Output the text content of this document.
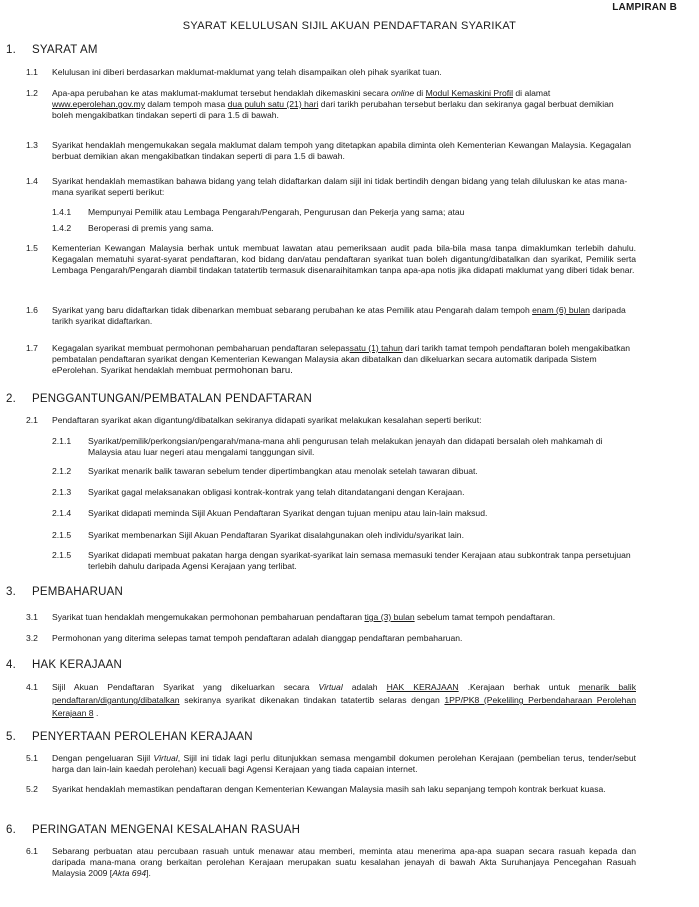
LAMPIRAN B
SYARAT KELULUSAN SIJIL AKUAN PENDAFTARAN SYARIKAT
1.	SYARAT AM
1.1	Kelulusan ini diberi berdasarkan maklumat-maklumat yang telah disampaikan oleh pihak syarikat tuan.
1.2	Apa-apa perubahan ke atas maklumat-maklumat tersebut hendaklah dikemaskini secara online di Modul Kemaskini Profil di alamat www.eperolehan.gov.my dalam tempoh masa dua puluh satu (21) hari dari tarikh perubahan tersebut berlaku dan sekiranya gagal berbuat demikian boleh mengakibatkan tindakan seperti di para 1.5 di bawah.
1.3	Syarikat hendaklah mengemukakan segala maklumat dalam tempoh yang ditetapkan apabila diminta oleh Kementerian Kewangan Malaysia. Kegagalan berbuat demikian akan mengakibatkan tindakan seperti di para 1.5 di bawah.
1.4	Syarikat hendaklah memastikan bahawa bidang yang telah didaftarkan dalam sijil ini tidak bertindih dengan bidang yang telah diluluskan ke atas mana-mana syarikat seperti berikut:
1.4.1	Mempunyai Pemilik atau Lembaga Pengarah/Pengarah, Pengurusan dan Pekerja yang sama; atau
1.4.2	Beroperasi di premis yang sama.
1.5	Kementerian Kewangan Malaysia berhak untuk membuat lawatan atau pemeriksaan audit pada bila-bila masa tanpa dimaklumkan terlebih dahulu. Kegagalan mematuhi syarat-syarat pendaftaran, kod bidang dan/atau pendaftaran syarikat tuan boleh digantung/dibatalkan dan syarikat, Pemilik serta Lembaga Pengarah/Pengarah diambil tindakan tatatertib termasuk disenaraihitamkan tanpa apa-apa notis jika didapati maklumat yang diberi tidak benar.
1.6	Syarikat yang baru didaftarkan tidak dibenarkan membuat sebarang perubahan ke atas Pemilik atau Pengarah dalam tempoh enam (6) bulan daripada tarikh syarikat didaftarkan.
1.7	Kegagalan syarikat membuat permohonan pembaharuan pendaftaran selepassatu (1) tahun dari tarikh tamat tempoh pendaftaran boleh mengakibatkan pembatalan pendaftaran syarikat dengan Kementerian Kewangan Malaysia akan dibatalkan dan dikeluarkan secara automatik daripada Sistem ePerolehan. Syarikat hendaklah membuat permohonan baru.
2.	PENGGANTUNGAN/PEMBATALAN PENDAFTARAN
2.1	Pendaftaran syarikat akan digantung/dibatalkan sekiranya didapati syarikat melakukan kesalahan seperti berikut:
2.1.1	Syarikat/pemilik/perkongsian/pengarah/mana-mana ahli pengurusan telah melakukan jenayah dan didapati bersalah oleh mahkamah di Malaysia atau luar negeri atau mengalami tanggungan sivil.
2.1.2	Syarikat menarik balik tawaran sebelum tender dipertimbangkan atau menolak setelah tawaran dibuat.
2.1.3	Syarikat gagal melaksanakan obligasi kontrak-kontrak yang telah ditandatangani dengan Kerajaan.
2.1.4	Syarikat didapati meminda Sijil Akuan Pendaftaran Syarikat dengan tujuan menipu atau lain-lain maksud.
2.1.5	Syarikat membenarkan Sijil Akuan Pendaftaran Syarikat disalahgunakan oleh individu/syarikat lain.
2.1.5	Syarikat didapati membuat pakatan harga dengan syarikat-syarikat lain semasa memasuki tender Kerajaan atau subkontrak tanpa persetujuan terlebih dahulu daripada Agensi Kerajaan yang terlibat.
3.	PEMBAHARUAN
3.1	Syarikat tuan hendaklah mengemukakan permohonan pembaharuan pendaftaran tiga (3) bulan sebelum tamat tempoh pendaftaran.
3.2	Permohonan yang diterima selepas tamat tempoh pendaftaran adalah dianggap pendaftaran pembaharuan.
4.	HAK KERAJAAN
4.1	Sijil Akuan Pendaftaran Syarikat yang dikeluarkan secara Virtual adalah HAK KERAJAAN .Kerajaan berhak untuk menarik balik pendaftaran/digantung/dibatalkan sekiranya syarikat dikenakan tindakan tatatertib selaras dengan 1PP/PK8 (Pekeliling Perbendaharaan Perolehan Kerajaan 8 .
5.	PENYERTAAN PEROLEHAN KERAJAAN
5.1	Dengan pengeluaran Sijil Virtual, Sijil ini tidak lagi perlu ditunjukkan semasa mengambil dokumen perolehan Kerajaan (pembelian terus, tender/sebut harga dan lain-lain kaedah perolehan) kecuali bagi Agensi Kerajaan yang tiada capaian internet.
5.2	Syarikat hendaklah memastikan pendaftaran dengan Kementerian Kewangan Malaysia masih sah laku sepanjang tempoh kontrak berkuat kuasa.
6.	PERINGATAN MENGENAI KESALAHAN RASUAH
6.1	Sebarang perbuatan atau percubaan rasuah untuk menawar atau memberi, meminta atau menerima apa-apa suapan secara rasuah kepada dan daripada mana-mana orang berkaitan perolehan Kerajaan merupakan suatu kesalahan jenayah di bawah Akta Suruhanjaya Pencegahan Rasuah Malaysia 2009 [Akta 694].
